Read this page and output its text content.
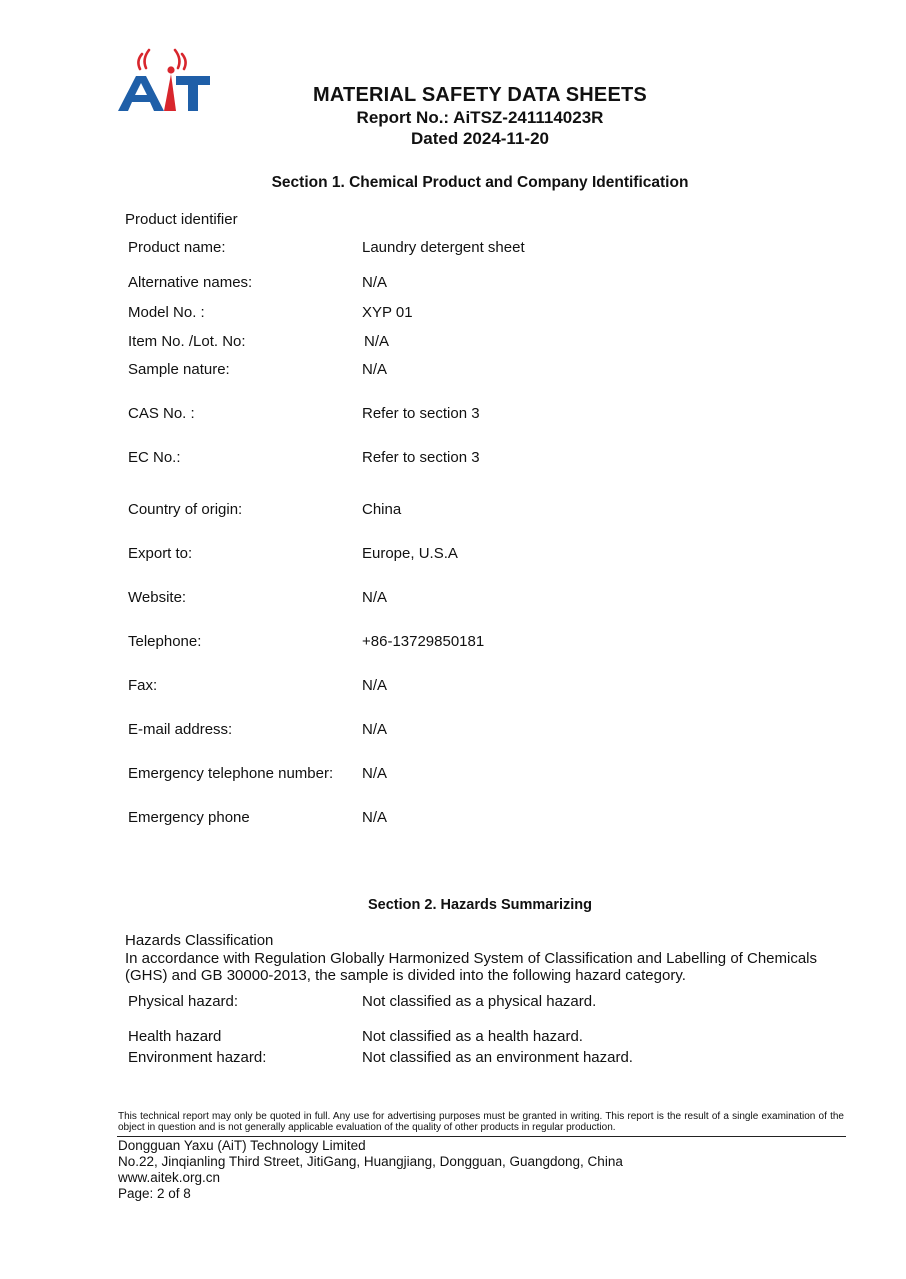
MATERIAL SAFETY DATA SHEETS
Report No.: AiTSZ-241114023R
Dated 2024-11-20
Section 1. Chemical Product and Company Identification
Product identifier
Product name:	Laundry detergent sheet
Alternative names:	N/A
Model No. :	XYP 01
Item No. /Lot. No:	N/A
Sample nature:	N/A
CAS No. :	Refer to section 3
EC No.:	Refer to section 3
Country of origin:	China
Export to:	Europe, U.S.A
Website:	N/A
Telephone:	+86-13729850181
Fax:	N/A
E-mail address:	N/A
Emergency telephone number: N/A
Emergency phone	N/A
Section 2. Hazards Summarizing
Hazards Classification
In accordance with Regulation Globally Harmonized System of Classification and Labelling of Chemicals (GHS) and GB 30000-2013, the sample is divided into the following hazard category.
Physical hazard:	Not classified as a physical hazard.
Health hazard	Not classified as a health hazard.
Environment hazard:	Not classified as an environment hazard.
This technical report may only be quoted in full. Any use for advertising purposes must be granted in writing. This report is the result of a single examination of the object in question and is not generally applicable evaluation of the quality of other products in regular production.
Dongguan Yaxu (AiT) Technology Limited
No.22, Jinqianling Third Street, JitiGang, Huangjiang, Dongguan, Guangdong, China
www.aitek.org.cn
Page: 2 of 8
